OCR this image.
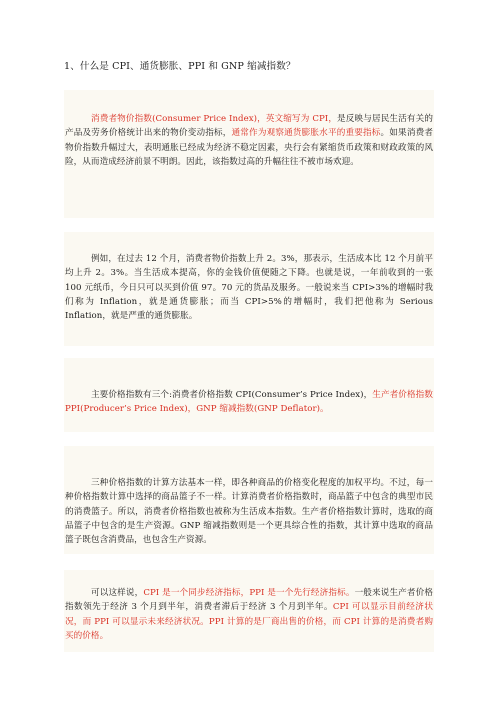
1、什么是 CPI、通货膨胀、PPI 和 GNP 缩减指数？

消费者物价指数(Consumer Price Index)，英文缩写为 CPI，是反映与居民生活有关的产品及劳务价格统计出来的物价变动指标，通常作为观察通货膨胀水平的重要指标。如果消费者物价指数升幅过大，表明通胀已经成为经济不稳定因素，央行会有紧缩货币政策和财政政策的风险，从而造成经济前景不明朗。因此，该指数过高的升幅往往不被市场欢迎。

例如，在过去 12 个月，消费者物价指数上升 2。3%，那表示，生活成本比 12 个月前平均上升 2。3%。当生活成本提高，你的金钱价值便随之下降。也就是说，一年前收到的一张 100 元纸币，今日只可以买到价值 97。70 元的货品及服务。一般说来当 CPI>3%的增幅时我们称为 Inflation，就是通货膨胀；而当 CPI>5%的增幅时，我们把他称为 Serious Inflation，就是严重的通货膨胀。

主要价格指数有三个:消费者价格指数 CPI(Consumer’s Price Index)，生产者价格指数 PPI(Producer’s Price Index)，GNP 缩减指数(GNP Deflator)。

三种价格指数的计算方法基本一样，即各种商品的价格变化程度的加权平均。不过，每一种价格指数计算中选择的商品篮子不一样。计算消费者价格指数时，商品篮子中包含的典型市民的消费篮子。所以，消费者价格指数也被称为生活成本指数。生产者价格指数计算时，选取的商品篮子中包含的是生产资源。GNP 缩减指数则是一个更具综合性的指数，其计算中选取的商品篮子既包含消费品，也包含生产资源。

可以这样说，CPI 是一个同步经济指标，PPI 是一个先行经济指标。一般来说生产者价格指数领先于经济 3 个月到半年，消费者滞后于经济 3 个月到半年。CPI 可以显示目前经济状况，而 PPI 可以显示未来经济状况。PPI 计算的是厂商出售的价格，而 CPI 计算的是消费者购买的价格。
